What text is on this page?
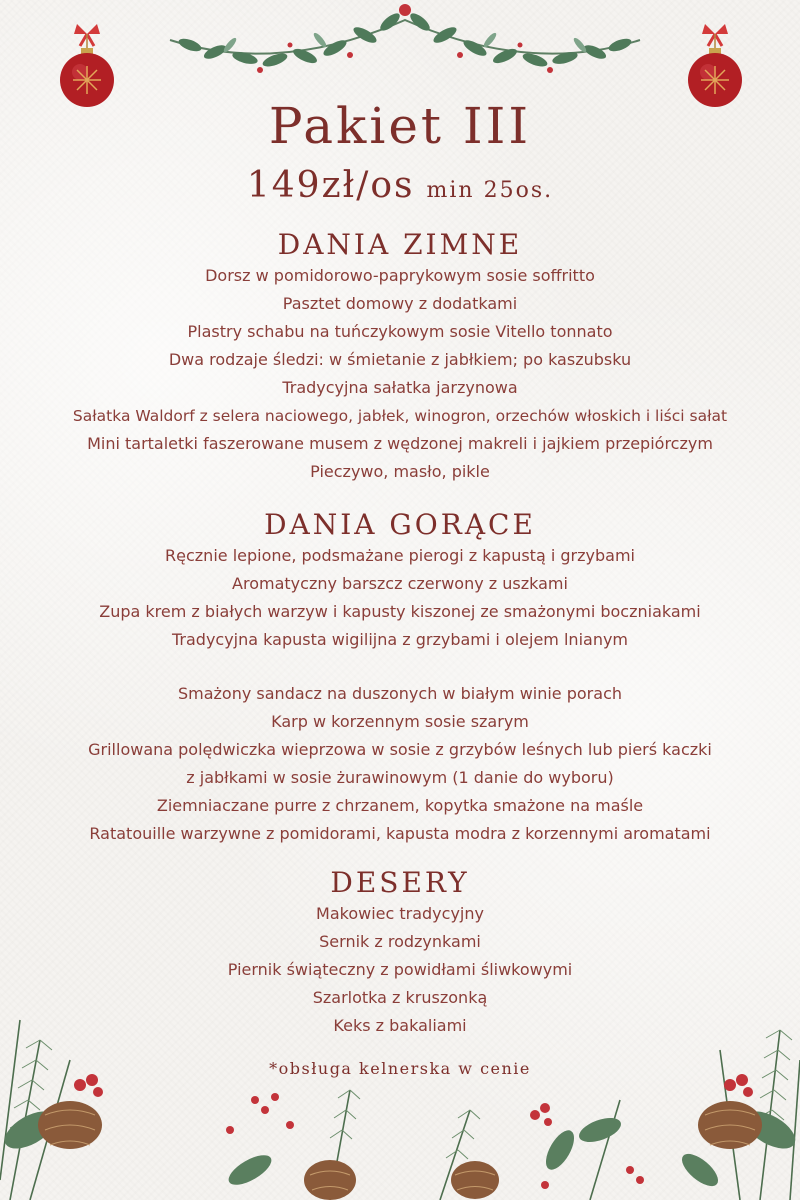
Pakiet III
149zł/os min 25os.
DANIA ZIMNE
Dorsz w pomidorowo-paprykowym sosie soffritto
Pasztet domowy z dodatkami
Plastry schabu na tuńczykowym sosie Vitello tonnato
Dwa rodzaje śledzi: w śmietanie z jabłkiem; po kaszubsku
Tradycyjna sałatka jarzynowa
Sałatka Waldorf z selera naciowego, jabłek, winogron, orzechów włoskich i liści sałat
Mini tartaletki faszerowane musem z wędzonej makreli i jajkiem przepiórczym
Pieczywo, masło, pikle
DANIA GORĄCE
Ręcznie lepione, podsmażane pierogi z kapustą i grzybami
Aromatyczny barszcz czerwony z uszkami
Zupa krem z białych warzyw i kapusty kiszonej ze smażonymi boczniakami
Tradycyjna kapusta wigilijna z grzybami i olejem lnianym
Smażony sandacz na duszonych w białym winie porach
Karp w korzennym sosie szarym
Grillowana polędwiczka wieprzowa w sosie z grzybów leśnych lub pierś kaczki
z jabłkami w sosie żurawinowym (1 danie do wyboru)
Ziemniaczane purre z chrzanem, kopytka smażone na maśle
Ratatouille warzywne z pomidorami, kapusta modra z korzennymi aromatami
DESERY
Makowiec tradycyjny
Sernik z rodzynkami
Piernik świąteczny z powidłami śliwkowymi
Szarlotka z kruszonką
Keks z bakaliami
*obsługa kelnerska w cenie
